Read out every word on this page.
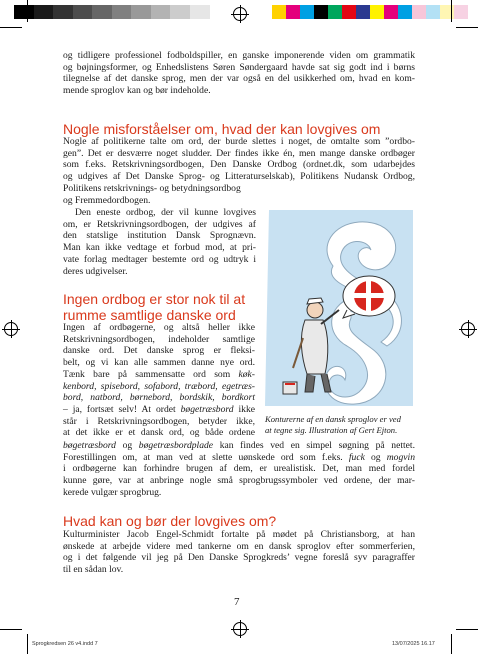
og tidligere professionel fodboldspiller, en ganske imponerende viden om grammatik
og bøjningsformer, og Enhedslistens Søren Søndergaard havde sat sig godt ind i børns
tilegnelse af det danske sprog, men der var også en del usikkerhed om, hvad en kom-
mende sproglov kan og bør indeholde.
Nogle misforståelser om, hvad der kan lovgives om
Nogle af politikerne talte om ord, der burde slettes i noget, de omtalte som ”ordbo-
gen”. Det er desværre noget sludder. Der findes ikke én, men mange danske ordbøger
som f.eks. Retskrivningsordbogen, Den Danske Ordbog (ordnet.dk, som udarbejdes
og udgives af Det Danske Sprog- og Litteraturselskab), Politikens Nudansk Ordbog,
Politikens retskrivnings- og betydningsordbog
og Fremmedordbogen.
Den eneste ordbog, der vil kunne lovgives
om, er Retskrivningsordbogen, der udgives af
den statslige institution Dansk Sprognævn.
Man kan ikke vedtage et forbud mod, at pri-
vate forlag medtager bestemte ord og udtryk i
deres udgivelser.
Ingen ordbog er stor nok til at
rumme samtlige danske ord
Ingen af ordbøgerne, og altså heller ikke
Retskrivningsordbogen, indeholder samtlige
danske ord. Det danske sprog er fleksi-
belt, og vi kan alle sammen danne nye ord.
Tænk bare på sammensatte ord som køk-
kenbord, spisebord, sofabord, træbord, egetræs-
bord, natbord, børnebord, bordskik, bordkort
– ja, fortsæt selv! At ordet bøgetræsbord ikke
står i Retskrivningsordbogen, betyder ikke,
at det ikke er et dansk ord, og både ordene
bøgetræsbord og bøgetræsbordplade kan findes ved en simpel søgning på nettet.
Forestillingen om, at man ved at slette uønskede ord som f.eks. fuck og mogvin
i ordbøgerne kan forhindre brugen af dem, er urealistisk. Det, man med fordel
kunne gøre, var at anbringe nogle små sprogbrugssymboler ved ordene, der mar-
kerede vulgær sprogbrug.
Konturerne af en dansk sproglov er ved
at tegne sig. Illustration af Gert Ejton.
Hvad kan og bør der lovgives om?
Kulturminister Jacob Engel-Schmidt fortalte på mødet på Christiansborg, at han
ønskede at arbejde videre med tankerne om en dansk sproglov efter sommerferien,
og i det følgende vil jeg på Den Danske Sprogkreds’ vegne foreslå syv paragraffer
til en sådan lov.
7
Sprogkredsen 26 v4.indd 7	13/07/2025 16.17
